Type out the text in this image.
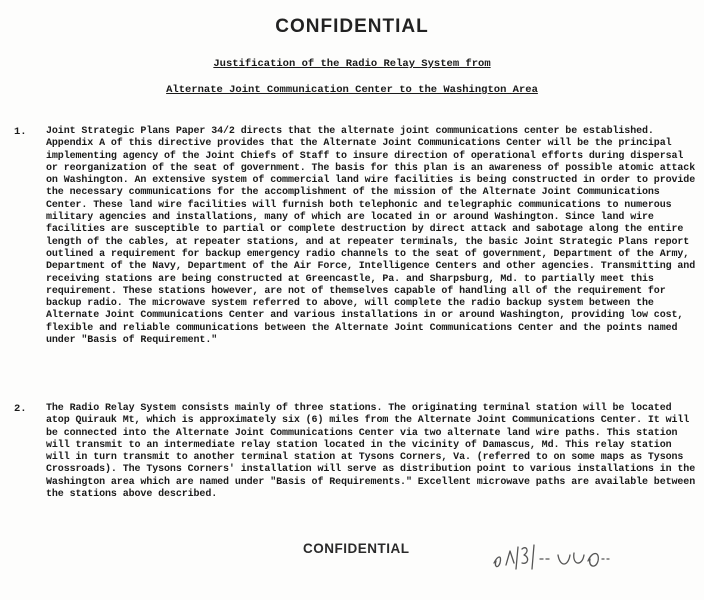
CONFIDENTIAL
Justification of the Radio Relay System from
Alternate Joint Communication Center to the Washington Area
1. Joint Strategic Plans Paper 34/2 directs that the alternate joint communications center be established. Appendix A of this directive provides that the Alternate Joint Communications Center will be the principal implementing agency of the Joint Chiefs of Staff to insure direction of operational efforts during dispersal or reorganization of the seat of government. The basis for this plan is an awareness of possible atomic attack on Washington. An extensive system of commercial land wire facilities is being constructed in order to provide the necessary communications for the accomplishment of the mission of the Alternate Joint Communications Center. These land wire facilities will furnish both telephonic and telegraphic communications to numerous military agencies and installations, many of which are located in or around Washington. Since land wire facilities are susceptible to partial or complete destruction by direct attack and sabotage along the entire length of the cables, at repeater stations, and at repeater terminals, the basic Joint Strategic Plans report outlined a requirement for backup emergency radio channels to the seat of government, Department of the Army, Department of the Navy, Department of the Air Force, Intelligence Centers and other agencies. Transmitting and receiving stations are being constructed at Greencastle, Pa. and Sharpsburg, Md. to partially meet this requirement. These stations however, are not of themselves capable of handling all of the requirement for backup radio. The microwave system referred to above, will complete the radio backup system between the Alternate Joint Communications Center and various installations in or around Washington, providing low cost, flexible and reliable communications between the Alternate Joint Communications Center and the points named under "Basis of Requirement."
2. The Radio Relay System consists mainly of three stations. The originating terminal station will be located atop Quirauk Mt, which is approximately six (6) miles from the Alternate Joint Communications Center. It will be connected into the Alternate Joint Communications Center via two alternate land wire paths. This station will transmit to an intermediate relay station located in the vicinity of Damascus, Md. This relay station will in turn transmit to another terminal station at Tysons Corners, Va. (referred to on some maps as Tysons Crossroads). The Tysons Corners' installation will serve as distribution point to various installations in the Washington area which are named under "Basis of Requirements." Excellent microwave paths are available between the stations above described.
CONFIDENTIAL
